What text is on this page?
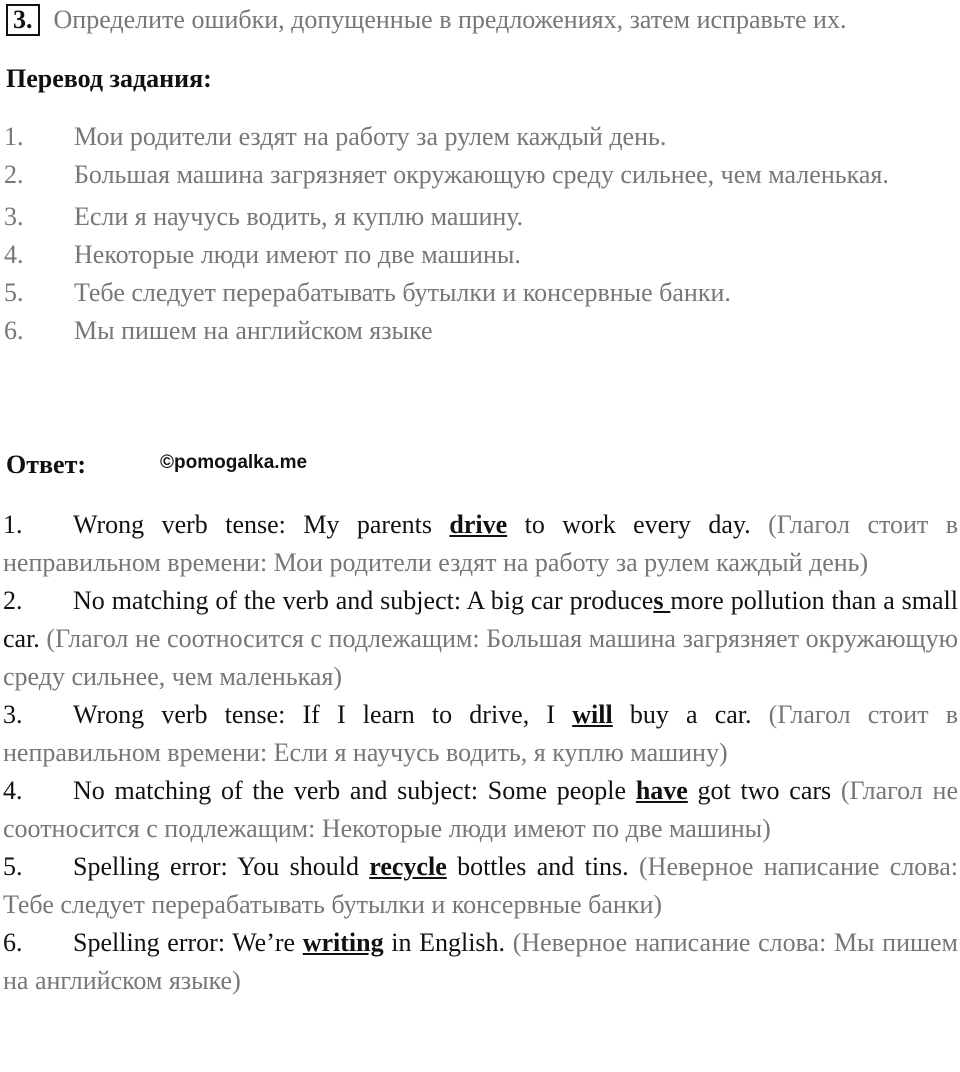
3. Определите ошибки, допущенные в предложениях, затем исправьте их.
Перевод задания:
1. Мои родители ездят на работу за рулем каждый день.
2. Большая машина загрязняет окружающую среду сильнее, чем маленькая.
3. Если я научусь водить, я куплю машину.
4. Некоторые люди имеют по две машины.
5. Тебе следует перерабатывать бутылки и консервные банки.
6. Мы пишем на английском языке
Ответ:	©pomogalka.me

1. Wrong verb tense: My parents drive to work every day. (Глагол стоит в неправильном времени: Мои родители ездят на работу за рулем каждый день)

2. No matching of the verb and subject: A big car produces more pollution than a small car. (Глагол не соотносится с подлежащим: Большая машина загрязняет окружающую среду сильнее, чем маленькая)

3. Wrong verb tense: If I learn to drive, I will buy a car. (Глагол стоит в неправильном времени: Если я научусь водить, я куплю машину)

4. No matching of the verb and subject: Some people have got two cars (Глагол не соотносится с подлежащим: Некоторые люди имеют по две машины)

5. Spelling error: You should recycle bottles and tins. (Неверное написание слова: Тебе следует перерабатывать бутылки и консервные банки)

6. Spelling error: We’re writing in English. (Неверное написание слова: Мы пишем на английском языке)
